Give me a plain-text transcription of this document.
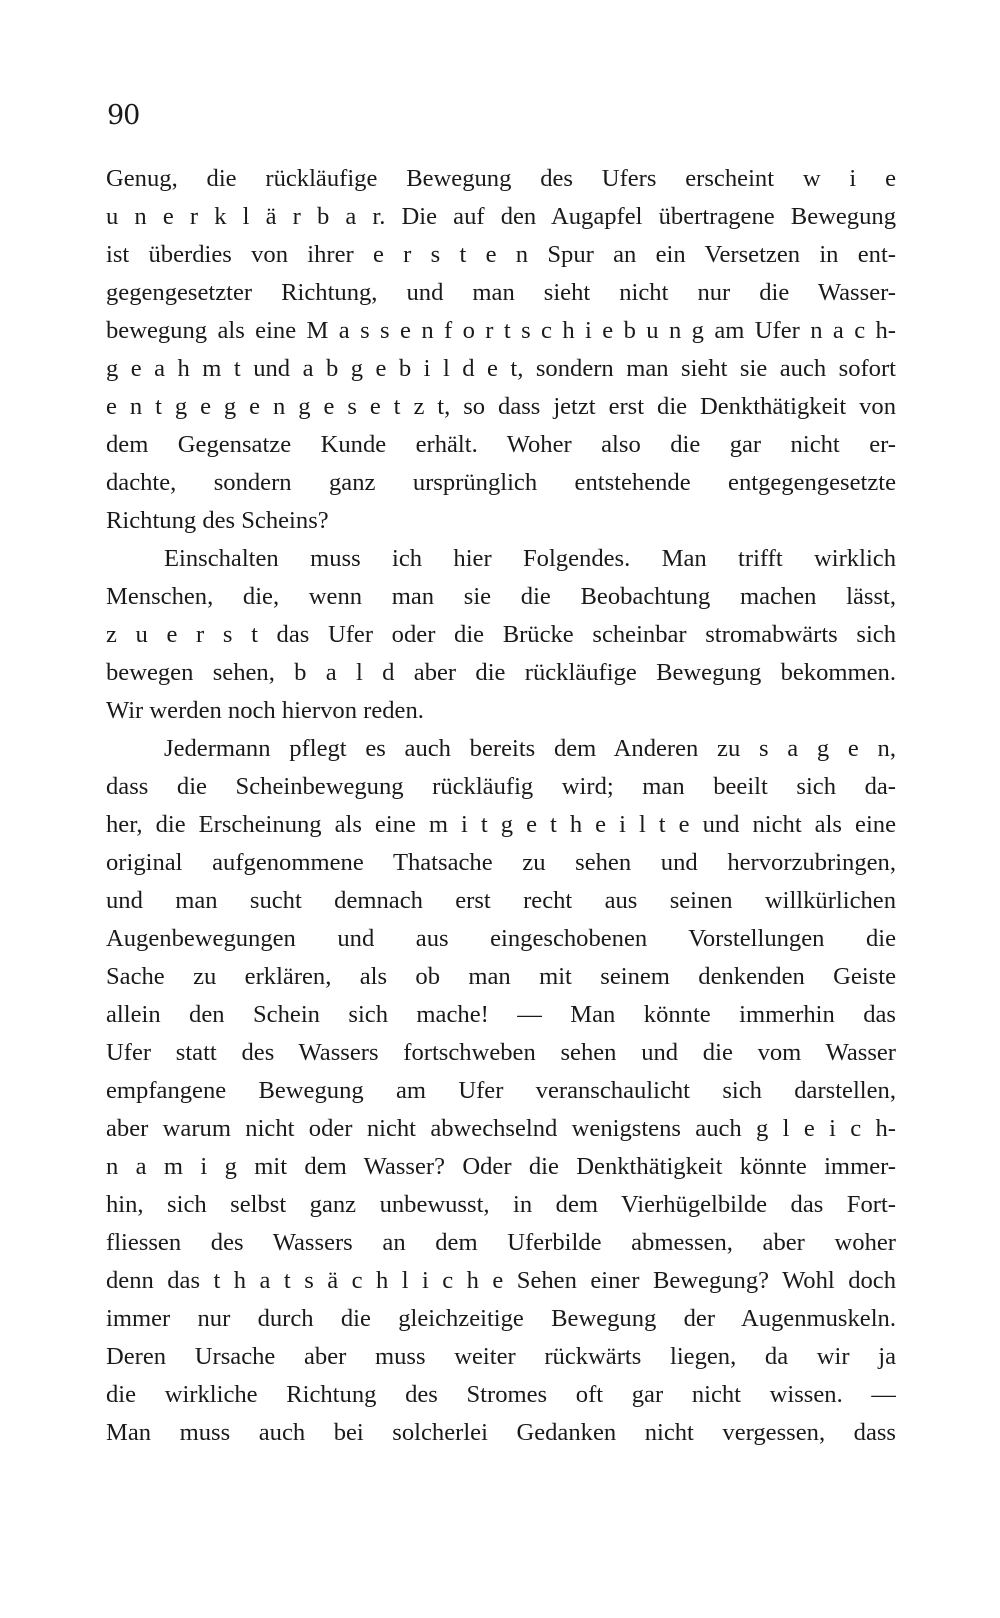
90
Genug, die rückläufige Bewegung des Ufers erscheint w i e
u n e r k l ä r b a r. Die auf den Augapfel übertragene Bewegung
ist überdies von ihrer e r s t e n Spur an ein Versetzen in ent-
gegengesetzter Richtung, und man sieht nicht nur die Wasser-
bewegung als eine M a s s e n f o r t s c h i e b u n g am Ufer n a c h-
g e a h m t und a b g e b i l d e t, sondern man sieht sie auch sofort
e n t g e g e n g e s e t z t, so dass jetzt erst die Denkthätigkeit von
dem Gegensatze Kunde erhält. Woher also die gar nicht er-
dachte, sondern ganz ursprünglich entstehende entgegengesetzte
Richtung des Scheins?
Einschalten muss ich hier Folgendes. Man trifft wirklich
Menschen, die, wenn man sie die Beobachtung machen lässt,
z u e r s t das Ufer oder die Brücke scheinbar stromabwärts sich
bewegen sehen, b a l d aber die rückläufige Bewegung bekommen.
Wir werden noch hiervon reden.
Jedermann pflegt es auch bereits dem Anderen zu s a g e n,
dass die Scheinbewegung rückläufig wird; man beeilt sich da-
her, die Erscheinung als eine m i t g e t h e i l t e und nicht als eine
original aufgenommene Thatsache zu sehen und hervorzubringen,
und man sucht demnach erst recht aus seinen willkürlichen
Augenbewegungen und aus eingeschobenen Vorstellungen die
Sache zu erklären, als ob man mit seinem denkenden Geiste
allein den Schein sich mache! — Man könnte immerhin das
Ufer statt des Wassers fortschweben sehen und die vom Wasser
empfangene Bewegung am Ufer veranschaulicht sich darstellen,
aber warum nicht oder nicht abwechselnd wenigstens auch g l e i c h-
n a m i g mit dem Wasser? Oder die Denkthätigkeit könnte immer-
hin, sich selbst ganz unbewusst, in dem Vierhügelbilde das Fort-
fliessen des Wassers an dem Uferbilde abmessen, aber woher
denn das t h a t s ä c h l i c h e Sehen einer Bewegung? Wohl doch
immer nur durch die gleichzeitige Bewegung der Augenmuskeln.
Deren Ursache aber muss weiter rückwärts liegen, da wir ja
die wirkliche Richtung des Stromes oft gar nicht wissen. —
Man muss auch bei solcherlei Gedanken nicht vergessen, dass
